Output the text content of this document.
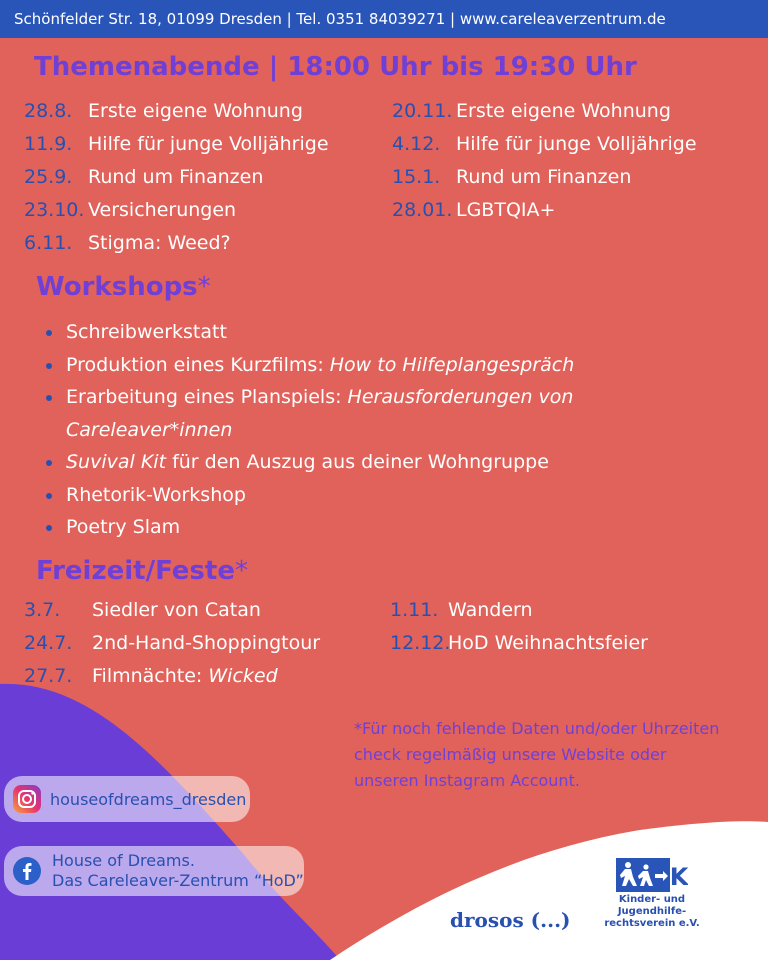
Schönfelder Str. 18, 01099 Dresden | Tel. 0351 84039271 | www.careleaverzentrum.de
Themenabende | 18:00 Uhr bis 19:30 Uhr
28.8. Erste eigene Wohnung
11.9. Hilfe für junge Volljährige
25.9. Rund um Finanzen
23.10. Versicherungen
6.11. Stigma: Weed?
20.11. Erste eigene Wohnung
4.12. Hilfe für junge Volljährige
15.1. Rund um Finanzen
28.01. LGBTQIA+
Workshops*
Schreibwerkstatt
Produktion eines Kurzfilms: How to Hilfeplangespräch
Erarbeitung eines Planspiels: Herausforderungen von Careleaver*innen
Suvival Kit für den Auszug aus deiner Wohngruppe
Rhetorik-Workshop
Poetry Slam
Freizeit/Feste*
3.7. Siedler von Catan
24.7. 2nd-Hand-Shoppingtour
27.7. Filmnächte: Wicked
1.11. Wandern
12.12.HoD Weihnachtsfeier
*Für noch fehlende Daten und/oder Uhrzeiten check regelmäßig unsere Website oder unseren Instagram Account.
houseofdreams_dresden
House of Dreams.
Das Careleaver-Zentrum “HoD”
drosos (...)
K
Kinder- und
Jugendhilfe-
rechtsverein e.V.
